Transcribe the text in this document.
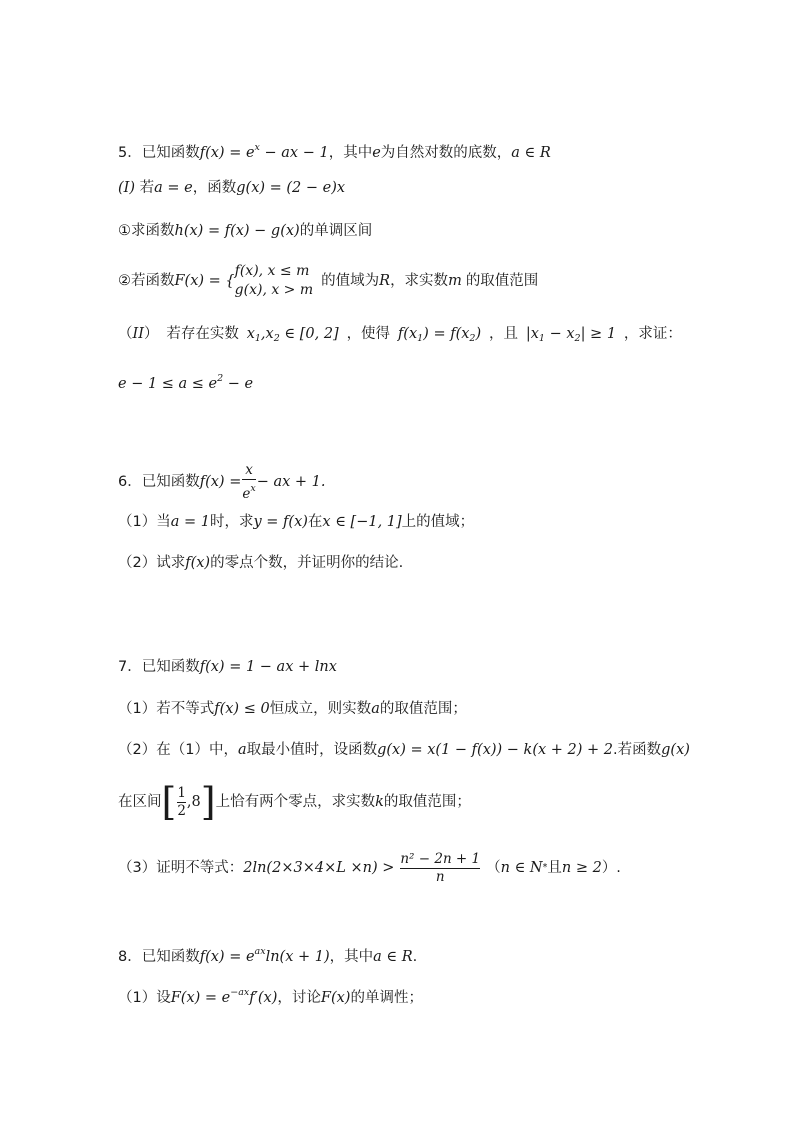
5．已知函数$f(x) = e^x$ − ax − 1，其中e为自然对数的底数，a ∈ R
(I) 若a = e，函数g(x) = (2 − e)x
①求函数h(x) = f(x) − g(x)的单调区间
②若函数 F(x) = {
f(x), x ≤ m
g(x), x > m
的值域为 R ，求实数 m 的取值范围
（II） 若存在实数 $x_1,x_2$ ∈ [0, 2] ，使得 $f(x_1) = f(x_2)$ ，且 $|x_1 - x_2| \ge 1$ ，求证：
$e - 1 \le a \le e^2 - e$
6． 已知函数 $f(x) = \frac{x}{e^x}$ − ax + 1.
（1）当a = 1时，求y = f(x)在x ∈ [−1, 1]上的值域；
（2）试求f(x)的零点个数，并证明你的结论.
7．已知函数f(x) = 1 − ax + lnx
（1）若不等式f(x) ≤ 0恒成立，则实数a的取值范围；
（2）在（1）中，a取最小值时，设函数g(x) = x(1 − f(x)) − k(x + 2) + 2.若函数g(x)
在区间 [ $\frac{1}{2} ,8$ ] 上恰有两个零点，求实数 k 的取值范围；
（3）证明不等式： $2\ln(2\times 3\times 4\times L \times n) > \frac{\text{n² − 2n + 1}}{n}$ （ n ∈ N * 且 n ≥ 2 ）.
8．已知函数$f(x) = e^{ax}\ln(x + 1)$，其中a ∈ R.
（1）设$F(x) = e^{-ax}f'(x)$，讨论F(x)的单调性；
